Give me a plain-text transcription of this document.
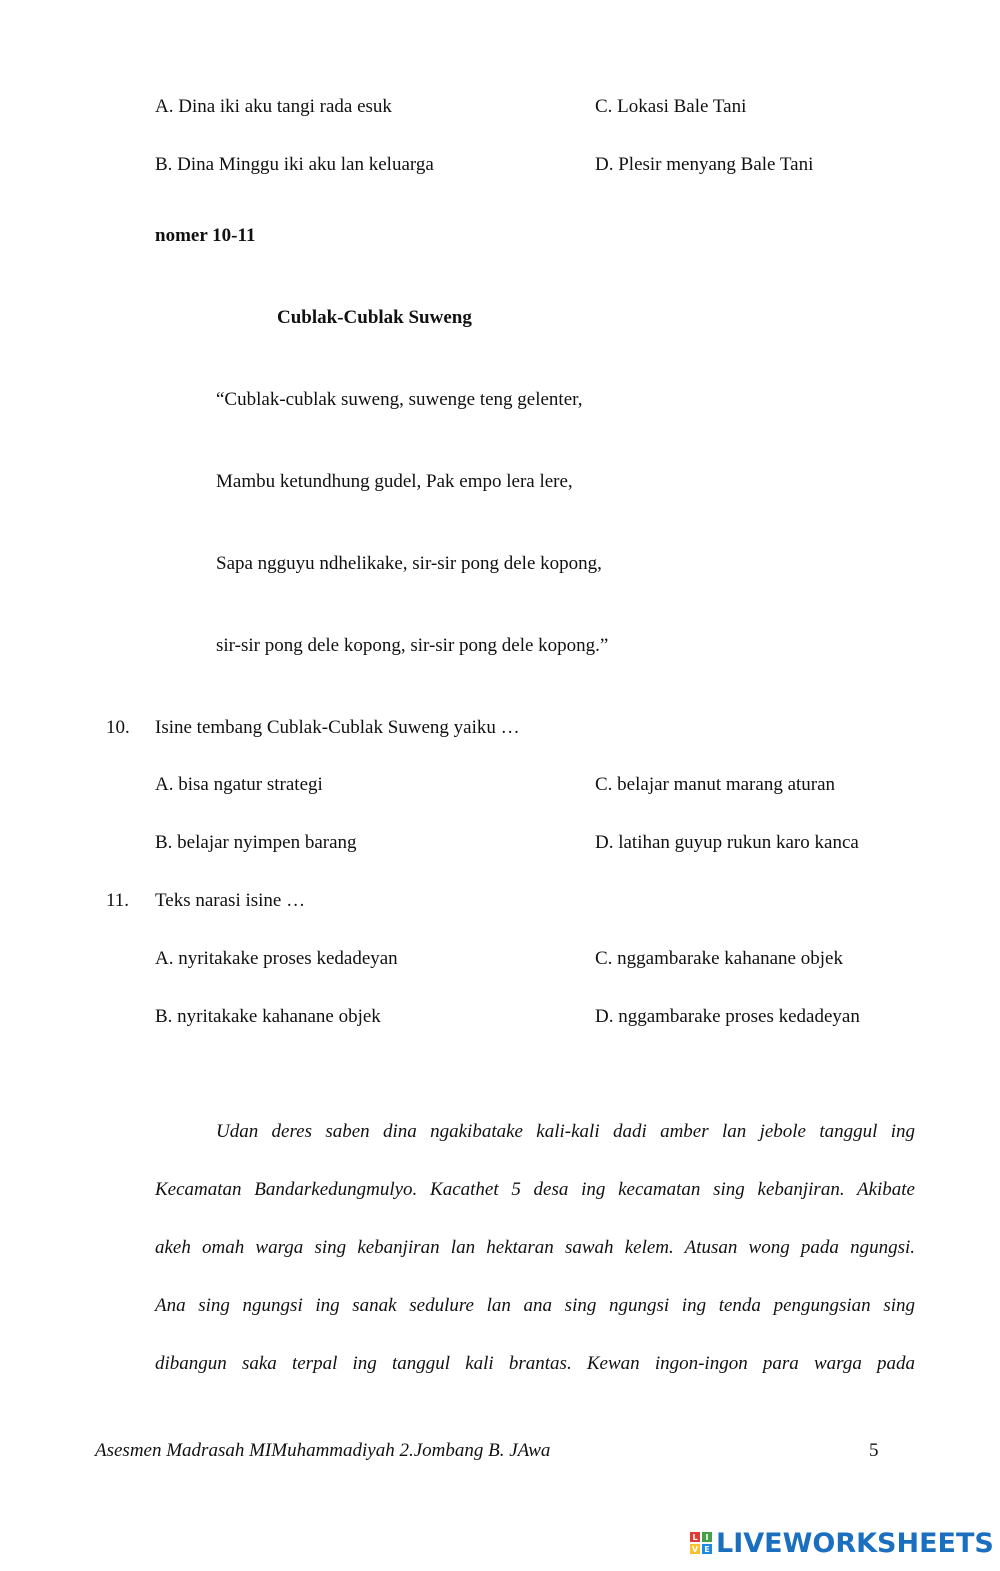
A. Dina iki aku tangi rada esuk	C. Lokasi Bale Tani
B. Dina Minggu iki aku lan keluarga	D. Plesir menyang Bale Tani
nomer 10-11
Cublak-Cublak Suweng
“Cublak-cublak suweng, suwenge teng gelenter,
Mambu ketundhung gudel, Pak empo lera lere,
Sapa ngguyu ndhelikake, sir-sir pong dele kopong,
sir-sir pong dele kopong, sir-sir pong dele kopong.”
10. Isine tembang Cublak-Cublak Suweng yaiku …
A. bisa ngatur strategi	C. belajar manut marang aturan
B. belajar nyimpen barang	D. latihan guyup rukun karo kanca
11. Teks narasi isine …
A. nyritakake proses kedadeyan	C. nggambarake kahanane objek
B. nyritakake kahanane objek	D. nggambarake proses kedadeyan
Udan deres saben dina ngakibatake kali-kali dadi amber lan jebole tanggul ing
Kecamatan Bandarkedungmulyo. Kacathet 5 desa ing kecamatan sing kebanjiran. Akibate
akeh omah warga sing kebanjiran lan hektaran sawah kelem. Atusan wong pada ngungsi.
Ana sing ngungsi ing sanak sedulure lan ana sing ngungsi ing tenda pengungsian sing
dibangun saka terpal ing tanggul kali brantas. Kewan ingon-ingon para warga pada
Asesmen Madrasah MIMuhammadiyah 2.Jombang B. JAwa	5
L I
V E LIVEWORKSHEETS
